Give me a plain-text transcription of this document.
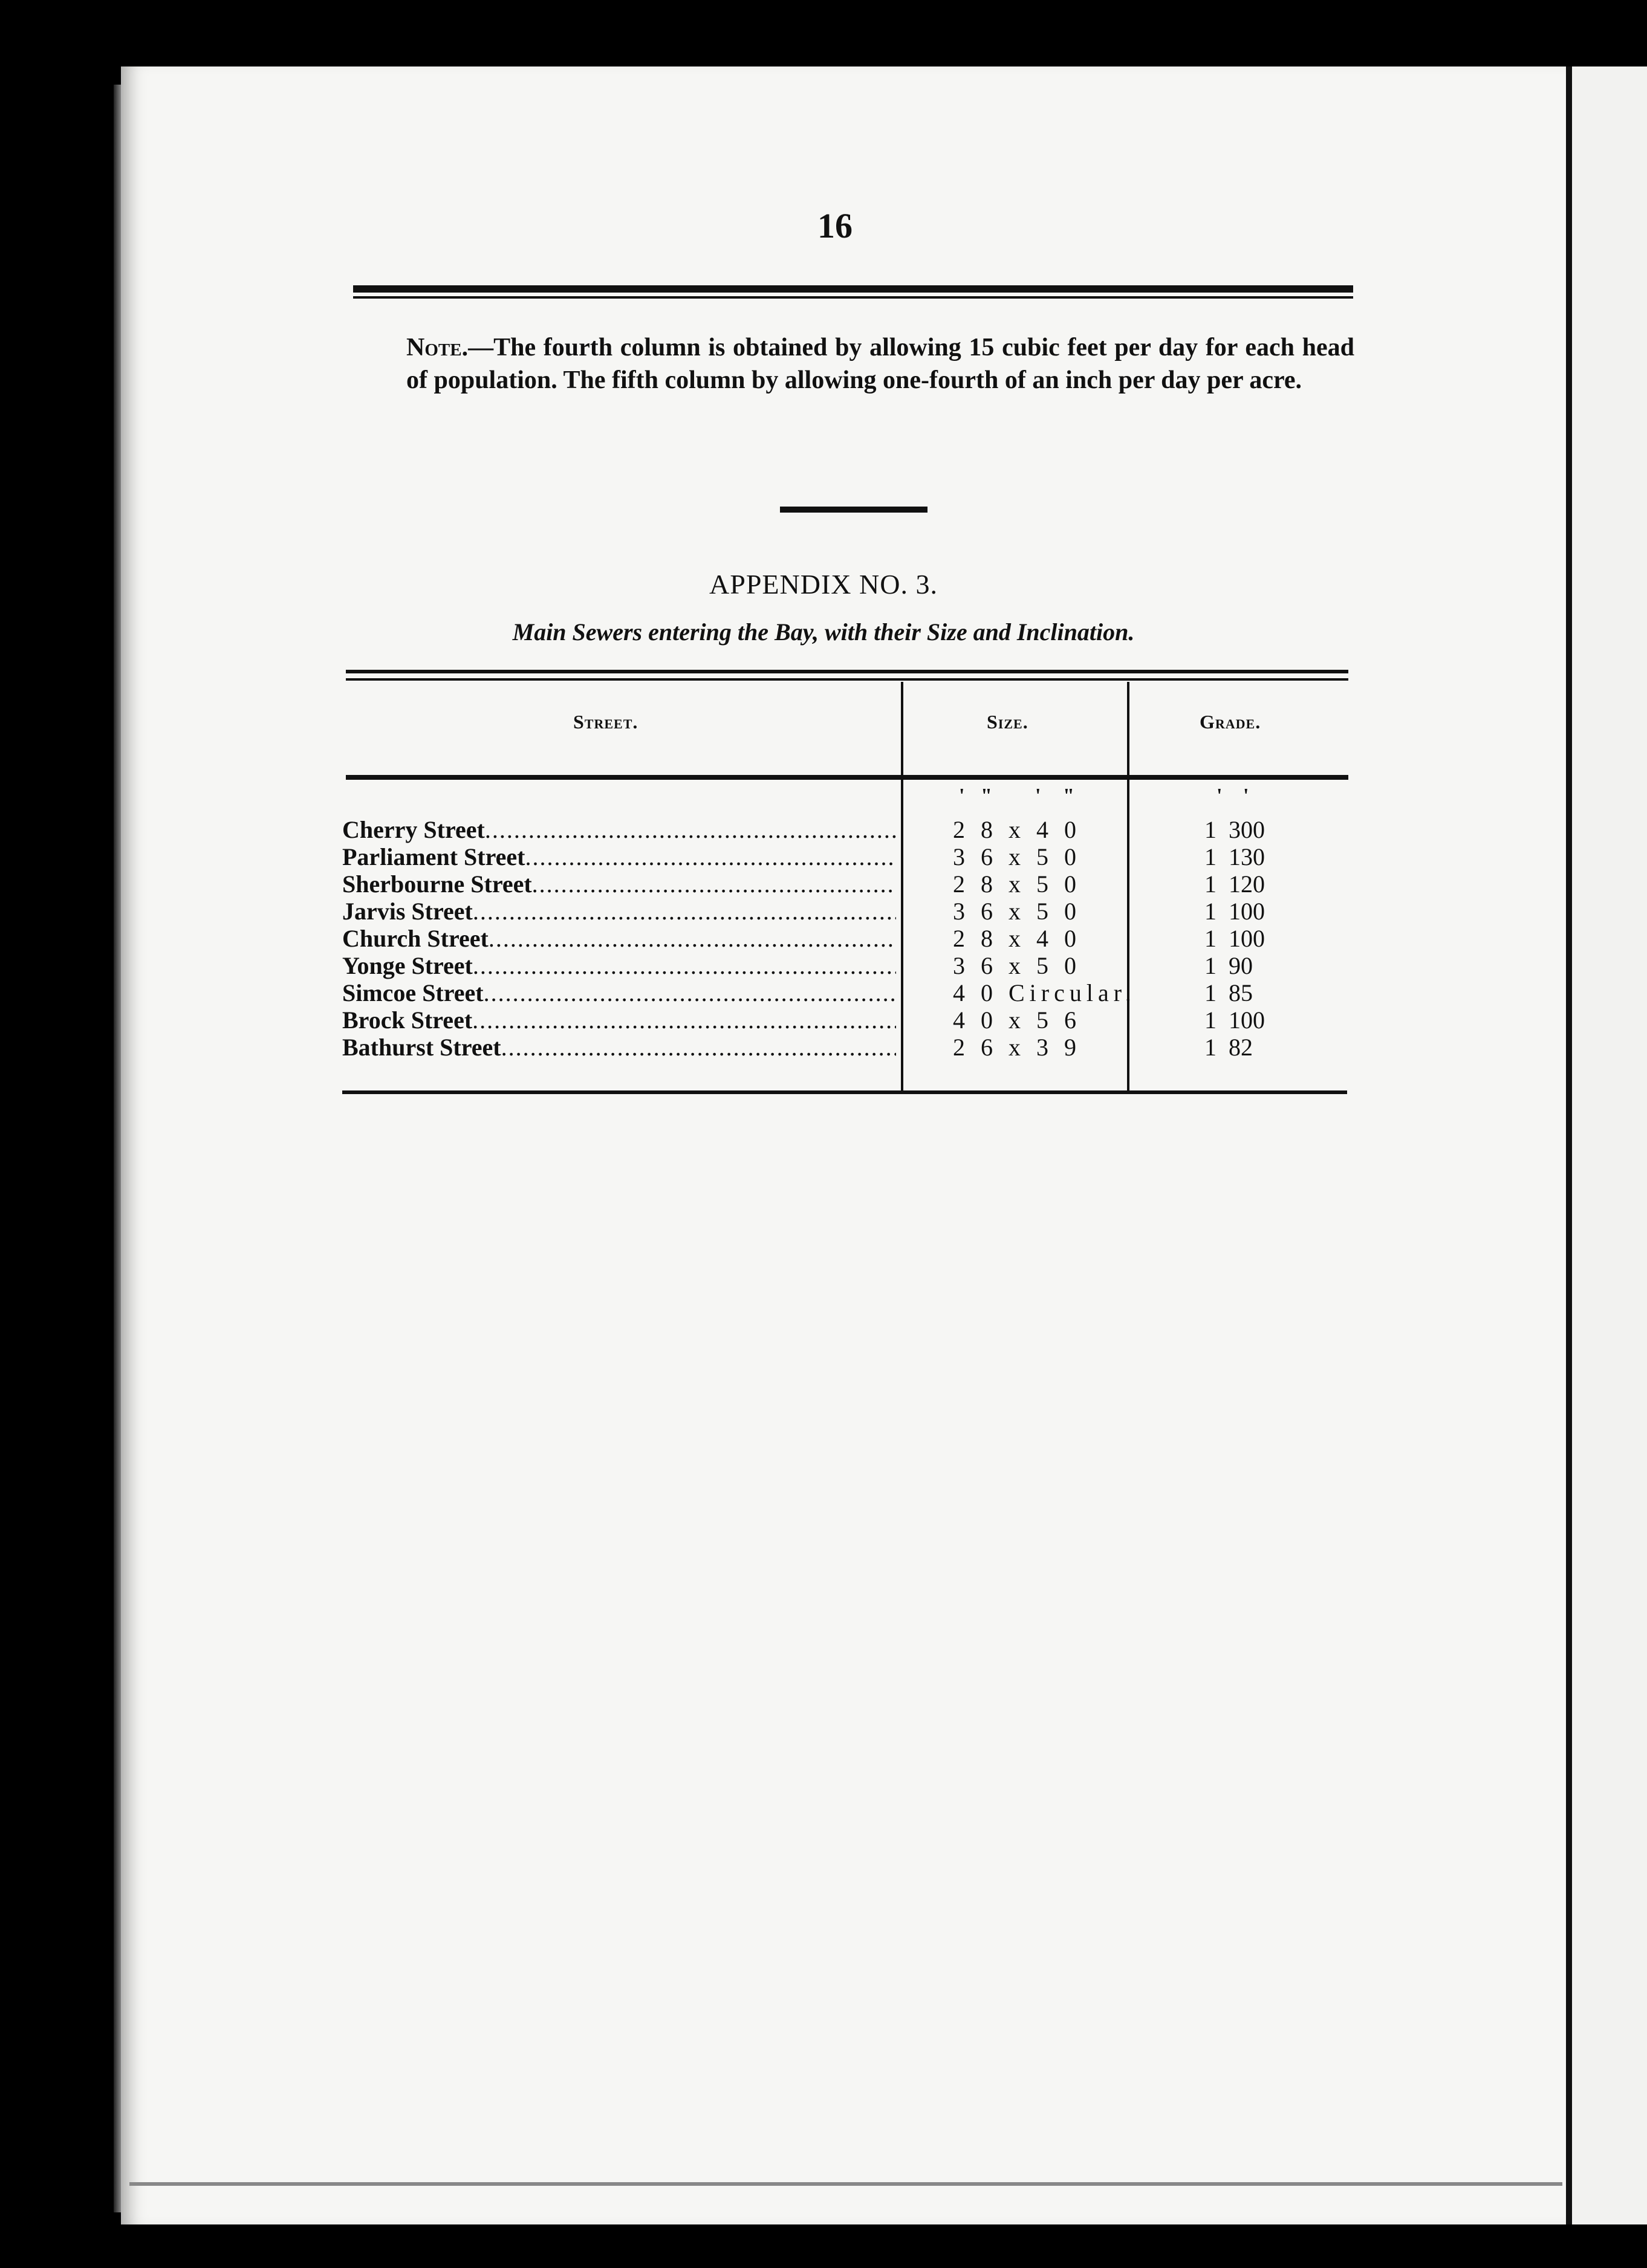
16
Note.—The fourth column is obtained by allowing 15 cubic feet per day for each head of population. The fifth column by allowing one-fourth of an inch per day per acre.
APPENDIX NO. 3.
Main Sewers entering the Bay, with their Size and Inclination.
Street.	Size.	Grade.
' " ' "	' '
Cherry Street .....	2 8 x 4 0	1 300
Parliament Street .....	3 6 x 5 0	1 130
Sherbourne Street .....	2 8 x 5 0	1 120
Jarvis Street .....	3 6 x 5 0	1 100
Church Street .....	2 8 x 4 0	1 100
Yonge Street .....	3 6 x 5 0	1 90
Simcoe Street .....	4 0 Circular.	1 85
Brock Street .....	4 0 x 5 6	1 100
Bathurst Street .....	2 6 x 3 9	1 82
